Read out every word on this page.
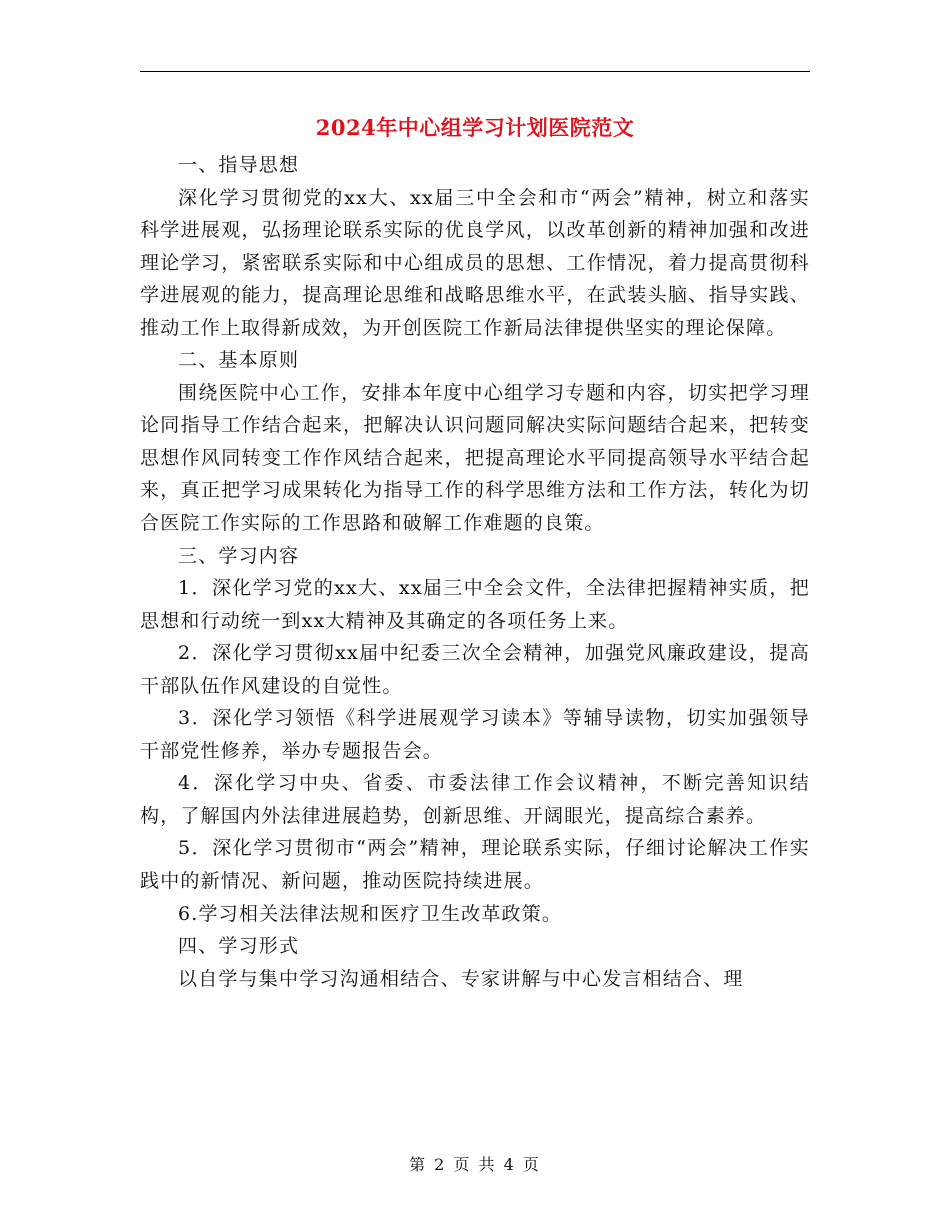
2024年中心组学习计划医院范文

一、指导思想

深化学习贯彻党的xx大、xx届三中全会和市“两会”精神，树立和落实科学进展观，弘扬理论联系实际的优良学风，以改革创新的精神加强和改进理论学习，紧密联系实际和中心组成员的思想、工作情况，着力提高贯彻科学进展观的能力，提高理论思维和战略思维水平，在武装头脑、指导实践、推动工作上取得新成效，为开创医院工作新局法律提供坚实的理论保障。

二、基本原则

围绕医院中心工作，安排本年度中心组学习专题和内容，切实把学习理论同指导工作结合起来，把解决认识问题同解决实际问题结合起来，把转变思想作风同转变工作作风结合起来，把提高理论水平同提高领导水平结合起来，真正把学习成果转化为指导工作的科学思维方法和工作方法，转化为切合医院工作实际的工作思路和破解工作难题的良策。

三、学习内容

1．深化学习党的xx大、xx届三中全会文件，全法律把握精神实质，把思想和行动统一到xx大精神及其确定的各项任务上来。

2．深化学习贯彻xx届中纪委三次全会精神，加强党风廉政建设，提高干部队伍作风建设的自觉性。

3．深化学习领悟《科学进展观学习读本》等辅导读物，切实加强领导干部党性修养，举办专题报告会。

4．深化学习中央、省委、市委法律工作会议精神，不断完善知识结构，了解国内外法律进展趋势，创新思维、开阔眼光，提高综合素养。

5．深化学习贯彻市“两会”精神，理论联系实际，仔细讨论解决工作实践中的新情况、新问题，推动医院持续进展。

6.学习相关法律法规和医疗卫生改革政策。

四、学习形式

以自学与集中学习沟通相结合、专家讲解与中心发言相结合、理

第 2 页 共 4 页
